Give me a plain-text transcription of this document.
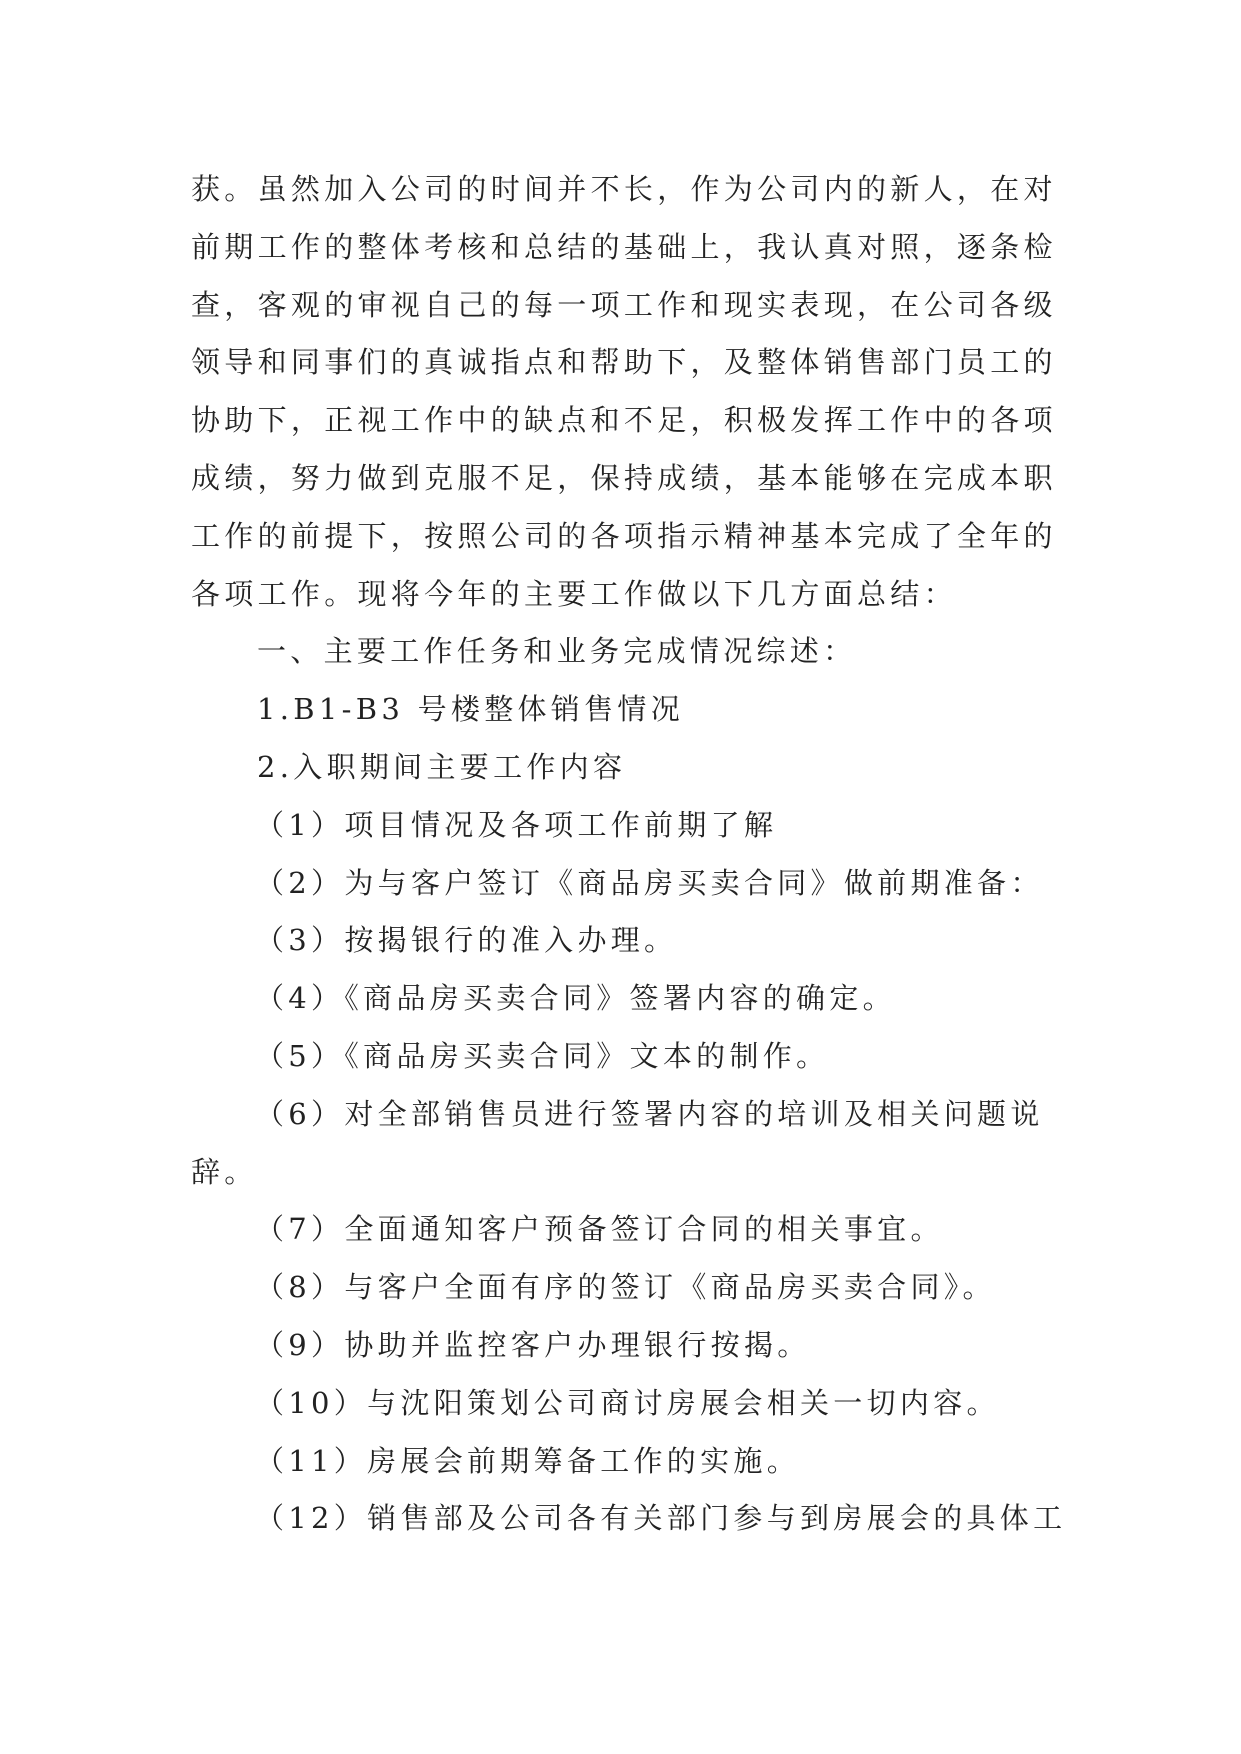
获。虽然加入公司的时间并不长，作为公司内的新人，在对
前期工作的整体考核和总结的基础上，我认真对照，逐条检
查，客观的审视自己的每一项工作和现实表现，在公司各级
领导和同事们的真诚指点和帮助下，及整体销售部门员工的
协助下，正视工作中的缺点和不足，积极发挥工作中的各项
成绩，努力做到克服不足，保持成绩，基本能够在完成本职
工作的前提下，按照公司的各项指示精神基本完成了全年的
各项工作。现将今年的主要工作做以下几方面总结：
一、主要工作任务和业务完成情况综述：
1.B1-B3 号楼整体销售情况
2.入职期间主要工作内容
（1）项目情况及各项工作前期了解
（2）为与客户签订《商品房买卖合同》做前期准备：
（3）按揭银行的准入办理。
（4）《商品房买卖合同》签署内容的确定。
（5）《商品房买卖合同》文本的制作。
（6）对全部销售员进行签署内容的培训及相关问题说
辞。
（7）全面通知客户预备签订合同的相关事宜。
（8）与客户全面有序的签订《商品房买卖合同》。
（9）协助并监控客户办理银行按揭。
（10）与沈阳策划公司商讨房展会相关一切内容。
（11）房展会前期筹备工作的实施。
（12）销售部及公司各有关部门参与到房展会的具体工
